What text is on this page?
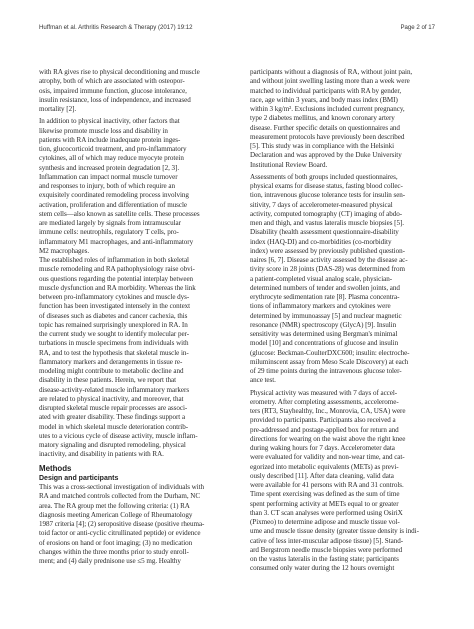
Huffman et al. Arthritis Research & Therapy (2017) 19:12	Page 2 of 17
with RA gives rise to physical deconditioning and muscle
atrophy, both of which are associated with osteopor-
osis, impaired immune function, glucose intolerance,
insulin resistance, loss of independence, and increased
mortality [2].
In addition to physical inactivity, other factors that
likewise promote muscle loss and disability in
patients with RA include inadequate protein inges-
tion, glucocorticoid treatment, and pro-inflammatory
cytokines, all of which may reduce myocyte protein
synthesis and increased protein degradation [2, 3].
Inflammation can impact normal muscle turnover
and responses to injury, both of which require an
exquisitely coordinated remodeling process involving
activation, proliferation and differentiation of muscle
stem cells—also known as satellite cells. These processes
are mediated largely by signals from intramuscular
immune cells: neutrophils, regulatory T cells, pro-
inflammatory M1 macrophages, and anti-inflammatory
M2 macrophages.
The established roles of inflammation in both skeletal
muscle remodeling and RA pathophysiology raise obvi-
ous questions regarding the potential interplay between
muscle dysfunction and RA morbidity. Whereas the link
between pro-inflammatory cytokines and muscle dys-
function has been investigated intensely in the context
of diseases such as diabetes and cancer cachexia, this
topic has remained surprisingly unexplored in RA. In
the current study we sought to identify molecular per-
turbations in muscle specimens from individuals with
RA, and to test the hypothesis that skeletal muscle in-
flammatory markers and derangements in tissue re-
modeling might contribute to metabolic decline and
disability in these patients. Herein, we report that
disease-activity-related muscle inflammatory markers
are related to physical inactivity, and moreover, that
disrupted skeletal muscle repair processes are associ-
ated with greater disability. These findings support a
model in which skeletal muscle deterioration contrib-
utes to a vicious cycle of disease activity, muscle inflam-
matory signaling and disrupted remodeling, physical
inactivity, and disability in patients with RA.
Methods
Design and participants
This was a cross-sectional investigation of individuals with
RA and matched controls collected from the Durham, NC
area. The RA group met the following criteria: (1) RA
diagnosis meeting American College of Rheumatology
1987 criteria [4]; (2) seropositive disease (positive rheuma-
toid factor or anti-cyclic citrullinated peptide) or evidence
of erosions on hand or foot imaging; (3) no medication
changes within the three months prior to study enroll-
ment; and (4) daily prednisone use ≤5 mg. Healthy
participants without a diagnosis of RA, without joint pain,
and without joint swelling lasting more than a week were
matched to individual participants with RA by gender,
race, age within 3 years, and body mass index (BMI)
within 3 kg/m². Exclusions included current pregnancy,
type 2 diabetes mellitus, and known coronary artery
disease. Further specific details on questionnaires and
measurement protocols have previously been described
[5]. This study was in compliance with the Helsinki
Declaration and was approved by the Duke University
Institutional Review Board.
Assessments of both groups included questionnaires,
physical exams for disease status, fasting blood collec-
tion, intravenous glucose tolerance tests for insulin sen-
sitivity, 7 days of accelerometer-measured physical
activity, computed tomography (CT) imaging of abdo-
men and thigh, and vastus lateralis muscle biopsies [5].
Disability (health assessment questionnaire-disability
index (HAQ-DI) and co-morbidities (co-morbidity
index) were assessed by previously published question-
naires [6, 7]. Disease activity assessed by the disease ac-
tivity score in 28 joints (DAS-28) was determined from
a patient-completed visual analog scale, physician-
determined numbers of tender and swollen joints, and
erythrocyte sedimentation rate [8]. Plasma concentra-
tions of inflammatory markers and cytokines were
determined by immunoassay [5] and nuclear magnetic
resonance (NMR) spectroscopy (GlycA) [9]. Insulin
sensitivity was determined using Bergman's minimal
model [10] and concentrations of glucose and insulin
(glucose: Beckman-CoulterDXC600; insulin: electroche-
miluminscent assay from Meso Scale Discovery) at each
of 29 time points during the intravenous glucose toler-
ance test.
Physical activity was measured with 7 days of accel-
erometry. After completing assessments, accelerome-
ters (RT3, Stayhealthy, Inc., Monrovia, CA, USA) were
provided to participants. Participants also received a
pre-addressed and postage-applied box for return and
directions for wearing on the waist above the right knee
during waking hours for 7 days. Accelerometer data
were evaluated for validity and non-wear time, and cat-
egorized into metabolic equivalents (METs) as previ-
ously described [11]. After data cleaning, valid data
were available for 41 persons with RA and 31 controls.
Time spent exercising was defined as the sum of time
spent performing activity at METs equal to or greater
than 3. CT scan analyses were performed using OsiriX
(Pixmeo) to determine adipose and muscle tissue vol-
ume and muscle tissue density (greater tissue density is indi-
cative of less inter-muscular adipose tissue) [5]. Stand-
ard Bergstrom needle muscle biopsies were performed
on the vastus lateralis in the fasting state; participants
consumed only water during the 12 hours overnight
